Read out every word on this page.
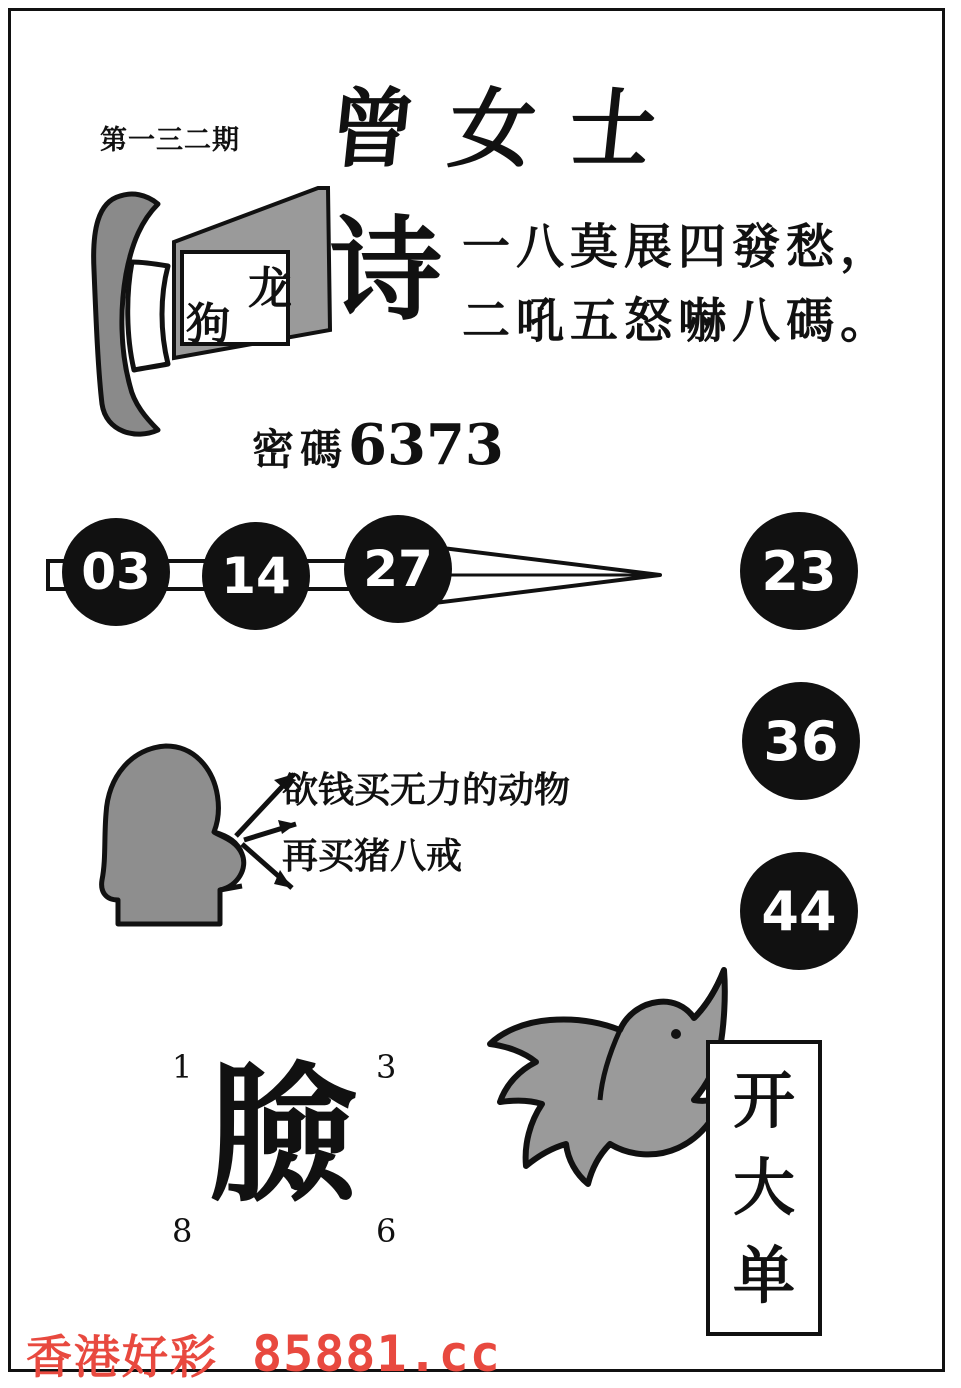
第一三二期 曾女士
龙
狗 诗 一八莫展四發愁，
二吼五怒嚇八碼。
密碼6373
03	14	27	23
36
44
欲钱买无力的动物
再买猪八戒
1	3
8	6
臉	开
大
单
香港好彩 85881.cc
